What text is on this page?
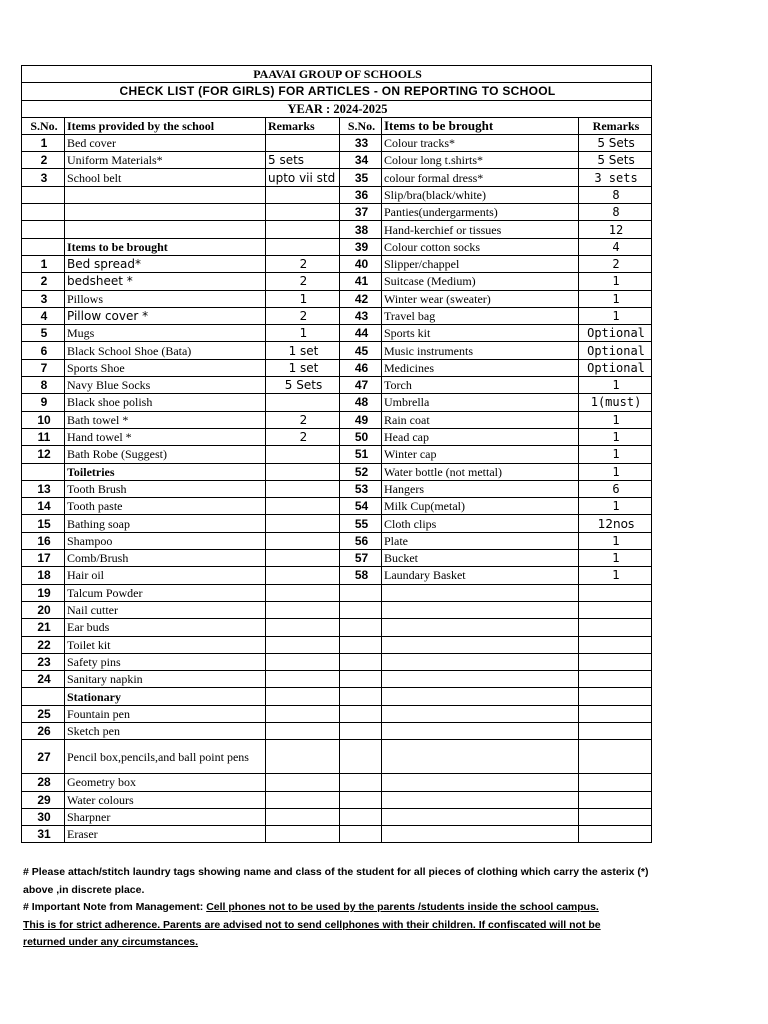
PAAVAI GROUP OF SCHOOLS					
CHECK LIST (FOR GIRLS) FOR ARTICLES - ON REPORTING TO SCHOOL					
YEAR : 2024-2025					
S.No.	Items provided by the school	Remarks	S.No.	Items to be brought	Remarks
1	Bed cover		33	Colour tracks*	5 Sets
2	Uniform Materials*	5 sets	34	Colour long t.shirts*	5 Sets
3	School belt	upto vii std	35	colour formal dress*	3 sets
			36	Slip/bra(black/white)	8
			37	Panties(undergarments)	8
			38	Hand-kerchief or tissues	12
	Items to be brought		39	Colour cotton socks	4
1	Bed spread*	2	40	Slipper/chappel	2
2	bedsheet *	2	41	Suitcase (Medium)	1
3	Pillows	1	42	Winter wear (sweater)	1
4	Pillow cover *	2	43	Travel bag	1
5	Mugs	1	44	Sports kit	Optional
6	Black School Shoe (Bata)	1 set	45	Music instruments	Optional
7	Sports Shoe	1 set	46	Medicines	Optional
8	Navy Blue Socks	5 Sets	47	Torch	1
9	Black shoe polish		48	Umbrella	1(must)
10	Bath towel *	2	49	Rain coat	1
11	Hand towel *	2	50	Head cap	1
12	Bath Robe (Suggest)		51	Winter cap	1
	Toiletries		52	Water bottle (not mettal)	1
13	Tooth Brush		53	Hangers	6
14	Tooth paste		54	Milk Cup(metal)	1
15	Bathing soap		55	Cloth clips	12nos
16	Shampoo		56	Plate	1
17	Comb/Brush		57	Bucket	1
18	Hair oil		58	Laundary Basket	1
19	Talcum Powder				
20	Nail cutter				
21	Ear buds				
22	Toilet kit				
23	Safety pins				
24	Sanitary napkin				
	Stationary				
25	Fountain pen				
26	Sketch pen				
27	Pencil box,pencils,and ball point pens				
28	Geometry box				
29	Water colours				
30	Sharpner				
31	Eraser				

# Please attach/stitch laundry tags showing name and class of the student for all pieces of clothing which carry the asterix (*)

above ,in discrete place.

# Important Note from Management: Cell phones not to be used by the parents /students inside the school campus.

This is for strict adherence. Parents are advised not to send cellphones with their children. If confiscated will not be

returned under any circumstances.
